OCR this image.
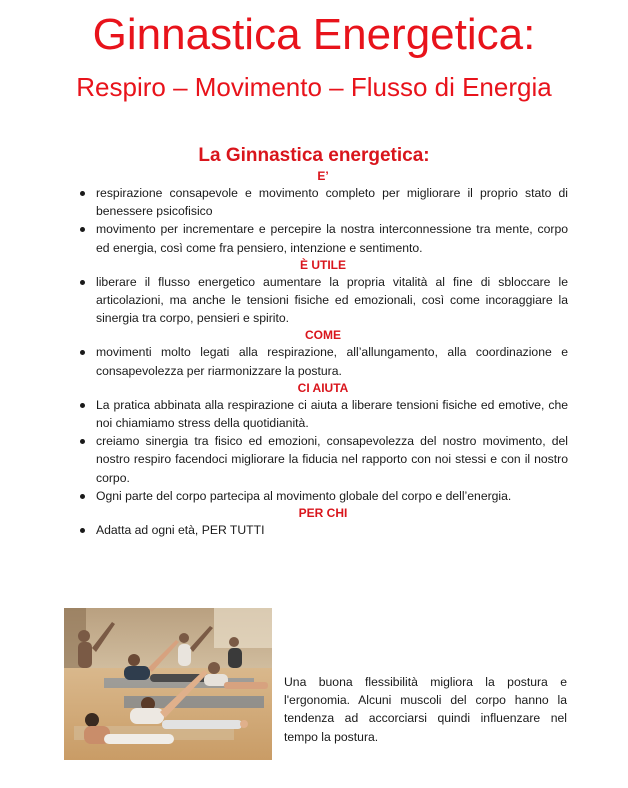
Ginnastica Energetica:
Respiro – Movimento – Flusso di Energia
La Ginnastica energetica:

E’

respirazione consapevole e movimento completo per migliorare il proprio stato di benessere psicofisico
movimento per incrementare e percepire la nostra interconnessione tra mente, corpo ed energia, così come fra pensiero, intenzione e sentimento.

È UTILE

liberare il flusso energetico aumentare la propria vitalità al fine di sbloccare le articolazioni, ma anche le tensioni fisiche ed emozionali, così come incoraggiare la sinergia tra corpo, pensieri e spirito.

COME

movimenti molto legati alla respirazione, all’allungamento, alla coordinazione e consapevolezza per riarmonizzare la postura.

CI AIUTA

La pratica abbinata alla respirazione ci aiuta a liberare tensioni fisiche ed emotive, che noi chiamiamo stress della quotidianità.
creiamo sinergia tra fisico ed emozioni, consapevolezza del nostro movimento, del nostro respiro facendoci migliorare la fiducia nel rapporto con noi stessi e con il nostro corpo.
Ogni parte del corpo partecipa al movimento globale del corpo e dell’energia.

PER CHI

Adatta ad ogni età, PER TUTTI

Una buona flessibilità migliora la postura e l'ergonomia. Alcuni muscoli del corpo hanno la tendenza ad accorciarsi quindi influenzare nel tempo la postura.
